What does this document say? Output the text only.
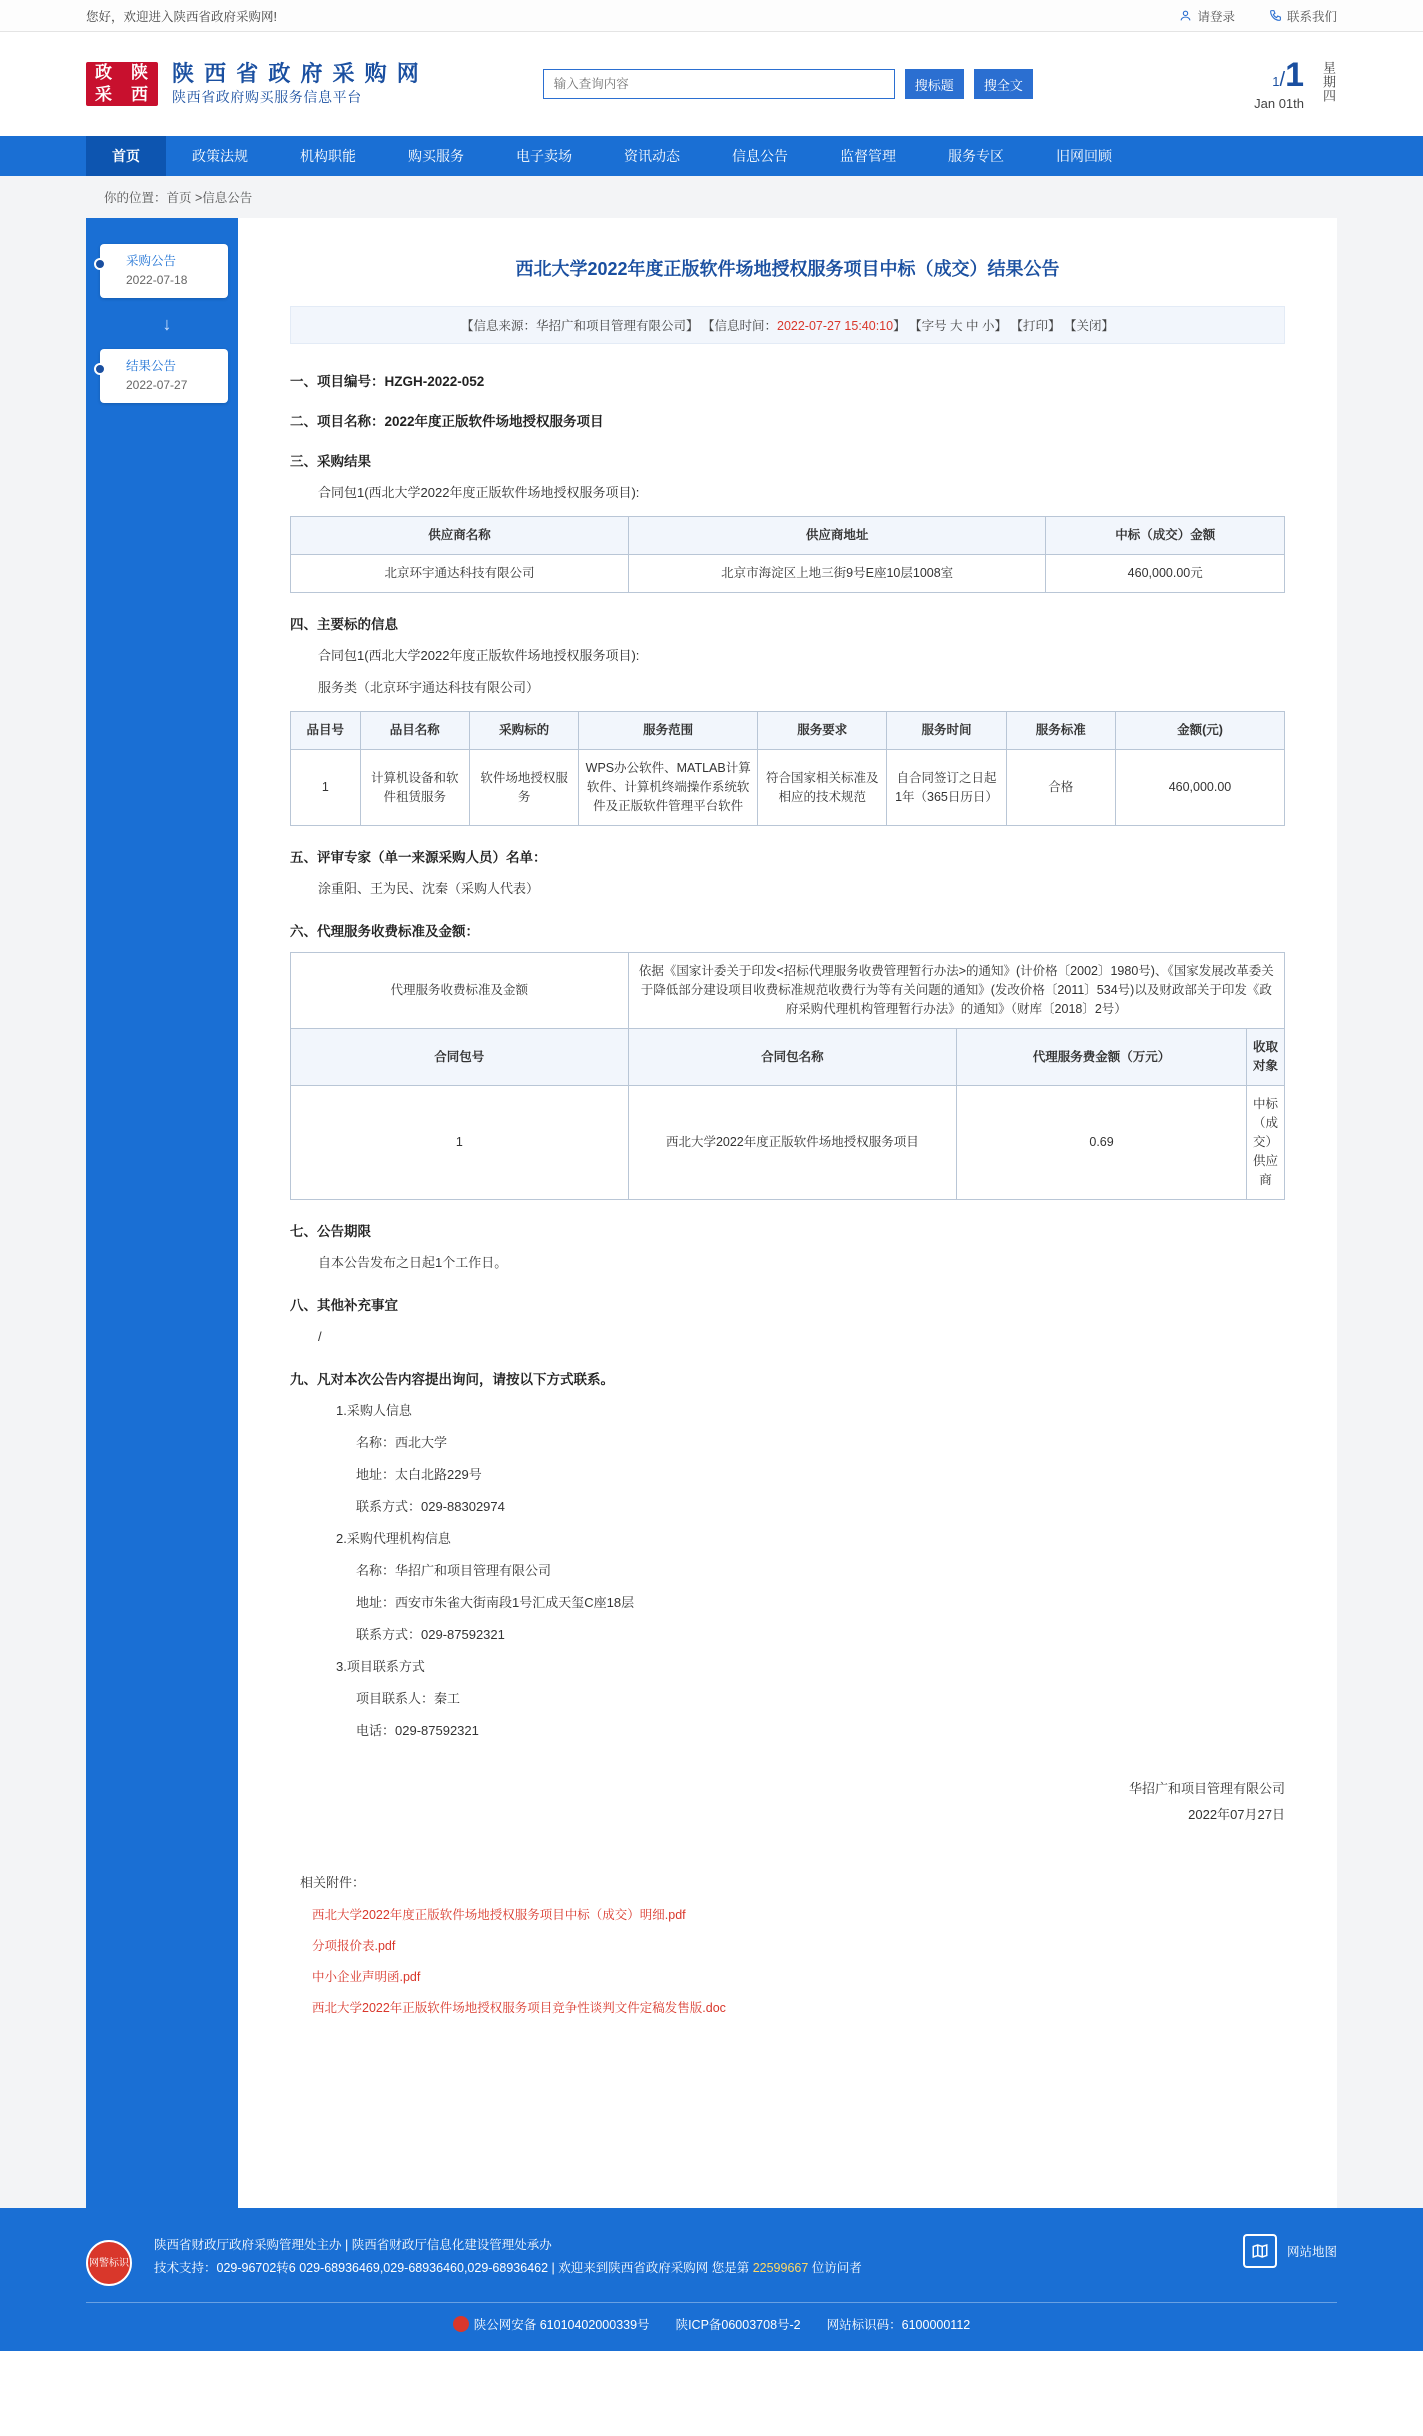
您好，欢迎进入陕西省政府采购网!	请登录	联系我们
政 陕
采 西
陕 西 省 政 府 采 购 网
陕西省政府购买服务信息平台
输入查询内容
搜标题	搜全文	1/1
Jan 01th 星期四
首页	政策法规	机构职能	购买服务	电子卖场	资讯动态	信息公告	监督管理	服务专区	旧网回顾
你的位置：首页 >信息公告
采购公告
2022-07-18
↓
结果公告
2022-07-27
西北大学2022年度正版软件场地授权服务项目中标（成交）结果公告
【信息来源：华招广和项目管理有限公司】 【信息时间：2022-07-27 15:40:10】 【字号 大 中 小】 【打印】 【关闭】
一、项目编号：HZGH-2022-052
二、项目名称：2022年度正版软件场地授权服务项目
三、采购结果
合同包1(西北大学2022年度正版软件场地授权服务项目):
供应商名称	供应商地址	中标（成交）金额
北京环宇通达科技有限公司	北京市海淀区上地三街9号E座10层1008室	460,000.00元
四、主要标的信息
合同包1(西北大学2022年度正版软件场地授权服务项目):
服务类（北京环宇通达科技有限公司）
品目号	品目名称	采购标的	服务范围	服务要求	服务时间	服务标准	金额(元)
1	计算机设备和软件租赁服务	软件场地授权服务	WPS办公软件、MATLAB计算软件、计算机终端操作系统软件及正版软件管理平台软件	符合国家相关标准及相应的技术规范	自合同签订之日起1年（365日历日）	合格	460,000.00
五、评审专家（单一来源采购人员）名单：
涂重阳、王为民、沈秦（采购人代表）
六、代理服务收费标准及金额：
代理服务收费标准及金额	依据《国家计委关于印发<招标代理服务收费管理暂行办法>的通知》(计价格〔2002〕1980号)、《国家发展改革委关于降低部分建设项目收费标准规范收费行为等有关问题的通知》(发改价格〔2011〕534号)以及财政部关于印发《政府采购代理机构管理暂行办法》的通知》（财库〔2018〕2号）		
合同包号	合同包名称	代理服务费金额（万元）	收取对象
1	西北大学2022年度正版软件场地授权服务项目	0.69	中标（成交）供应商
七、公告期限
自本公告发布之日起1个工作日。
八、其他补充事宜
/
九、凡对本次公告内容提出询问，请按以下方式联系。
1.采购人信息
名称：西北大学
地址：太白北路229号
联系方式：029-88302974
2.采购代理机构信息
名称：华招广和项目管理有限公司
地址：西安市朱雀大街南段1号汇成天玺C座18层
联系方式：029-87592321
3.项目联系方式
项目联系人：秦工
电话：029-87592321
华招广和项目管理有限公司
2022年07月27日
相关附件：
西北大学2022年度正版软件场地授权服务项目中标（成交）明细.pdf
分项报价表.pdf
中小企业声明函.pdf
西北大学2022年正版软件场地授权服务项目竞争性谈判文件定稿发售版.doc
网警标识
陕西省财政厅政府采购管理处主办 | 陕西省财政厅信息化建设管理处承办
技术支持：029-96702转6 029-68936469,029-68936460,029-68936462 | 欢迎来到陕西省政府采购网 您是第 22599667 位访问者
网站地图
陕公网安备 61010402000339号 陕ICP备06003708号-2 网站标识码：6100000112
